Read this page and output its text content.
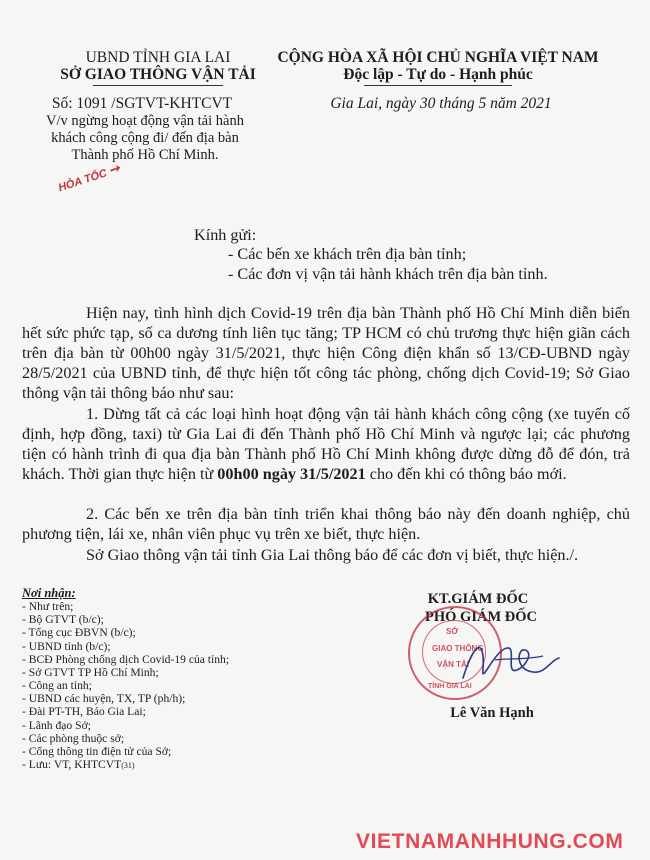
UBND TỈNH GIA LAI
SỞ GIAO THÔNG VẬN TẢI
Số: 1091 /SGTVT-KHTCVT
V/v ngừng hoạt động vận tải hành
khách công cộng đi/ đến địa bàn
Thành phố Hồ Chí Minh.
HỎA TỐC ➙
CỘNG HÒA XÃ HỘI CHỦ NGHĨA VIỆT NAM
Độc lập - Tự do - Hạnh phúc
Gia Lai, ngày 30 tháng 5 năm 2021
Kính gửi:
- Các bến xe khách trên địa bàn tỉnh;
- Các đơn vị vận tải hành khách trên địa bàn tỉnh.
Hiện nay, tình hình dịch Covid-19 trên địa bàn Thành phố Hồ Chí Minh diễn biến hết sức phức tạp, số ca dương tính liên tục tăng; TP HCM có chủ trương thực hiện giãn cách trên địa bàn từ 00h00 ngày 31/5/2021, thực hiện Công điện khẩn số 13/CĐ-UBND ngày 28/5/2021 của UBND tỉnh, để thực hiện tốt công tác phòng, chống dịch Covid-19; Sở Giao thông vận tải thông báo như sau:
1. Dừng tất cả các loại hình hoạt động vận tải hành khách công cộng (xe tuyến cố định, hợp đồng, taxi) từ Gia Lai đi đến Thành phố Hồ Chí Minh và ngược lại; các phương tiện có hành trình đi qua địa bàn Thành phố Hồ Chí Minh không được dừng đỗ để đón, trả khách. Thời gian thực hiện từ 00h00 ngày 31/5/2021 cho đến khi có thông báo mới.
2. Các bến xe trên địa bàn tỉnh triển khai thông báo này đến doanh nghiệp, chủ phương tiện, lái xe, nhân viên phục vụ trên xe biết, thực hiện.
Sở Giao thông vận tải tỉnh Gia Lai thông báo để các đơn vị biết, thực hiện./.
Nơi nhận:
- Như trên;
- Bộ GTVT (b/c);
- Tổng cục ĐBVN (b/c);
- UBND tỉnh (b/c);
- BCĐ Phòng chống dịch Covid-19 của tỉnh;
- Sở GTVT TP Hồ Chí Minh;
- Công an tỉnh;
- UBND các huyện, TX, TP (ph/h);
- Đài PT-TH, Báo Gia Lai;
- Lãnh đạo Sở;
- Các phòng thuộc sở;
- Cổng thông tin điện tử của Sở;
- Lưu: VT, KHTCVT(31)
KT.GIÁM ĐỐC
PHÓ GIÁM ĐỐC
SỞ
GIAO THÔNG
VẬN TẢI
TỈNH GIA LAI
Lê Văn Hạnh
VIETNAMANHHUNG.COM
